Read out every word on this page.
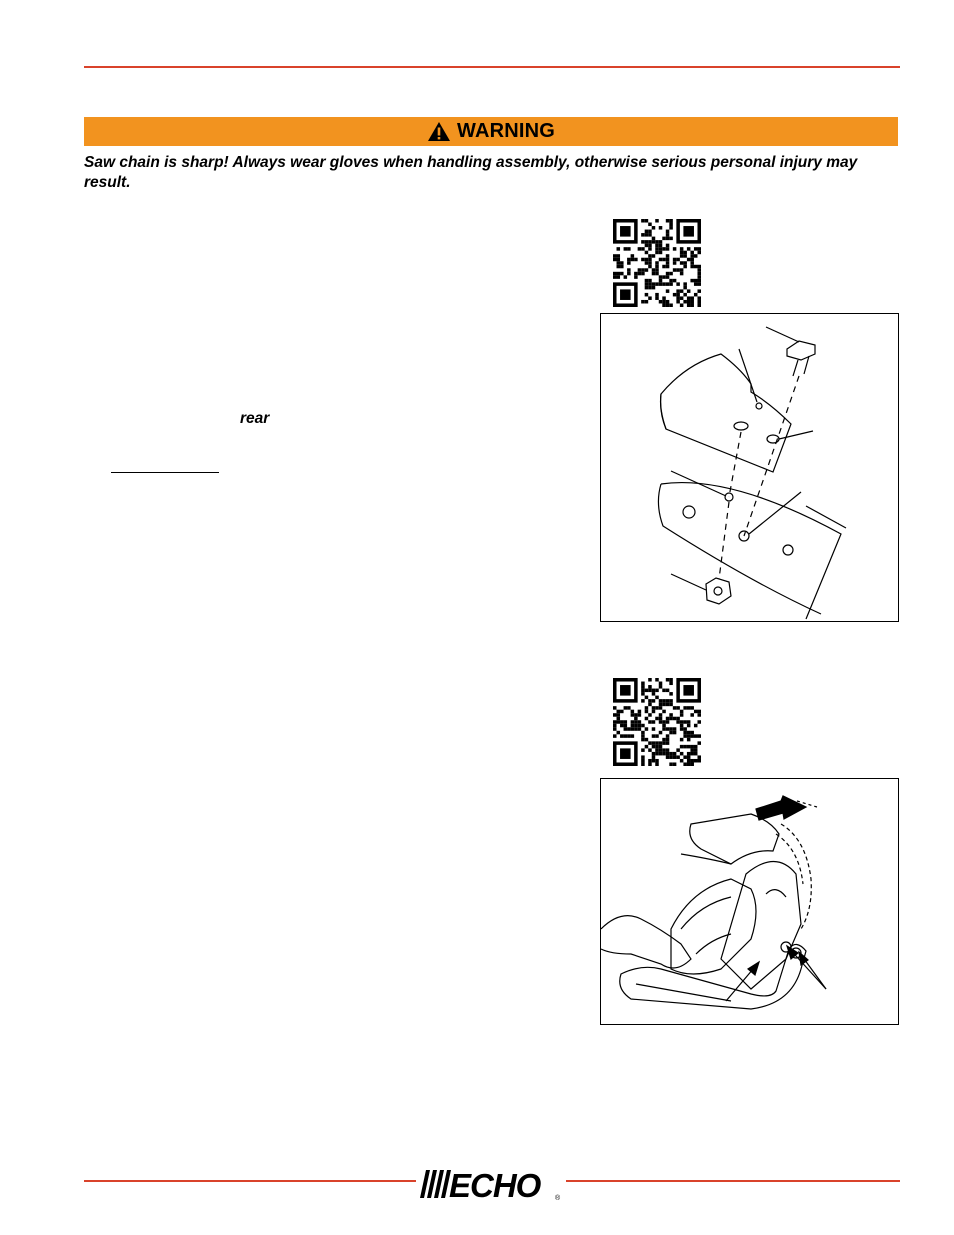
WARNING
Saw chain is sharp! Always wear gloves when handling assembly, otherwise serious personal injury may result.
rear
ECHO ®
